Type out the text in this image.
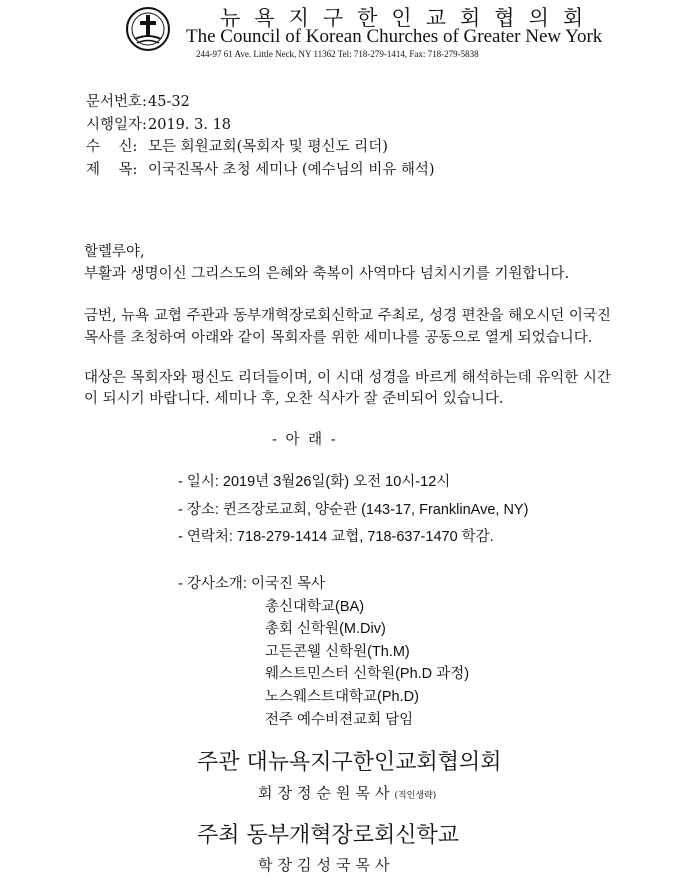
뉴욕지구한인교회협의회
The Council of Korean Churches of Greater New York
244-97 61 Ave. Little Neck, NY 11362 Tel: 718-279-1414, Fax: 718-279-5838
문서번호:45-32
시행일자:2019. 3. 18
수    신: 모든 회원교회(목회자 및 평신도 리더)
제    목: 이국진목사 초청 세미나 (예수님의 비유 해석)
할렐루야,
부활과 생명이신 그리스도의 은혜와 축복이 사역마다 넘치시기를 기원합니다.
금번, 뉴욕 교협 주관과 동부개혁장로회신학교 주최로, 성경 편찬을 해오시던 이국진
목사를 초청하여 아래와 같이 목회자를 위한 세미나를 공동으로 열게 되었습니다.
대상은 목회자와 평신도 리더들이며, 이 시대 성경을 바르게 해석하는데 유익한 시간
이 되시기 바랍니다. 세미나 후, 오찬 식사가 잘 준비되어 있습니다.
- 아 래 -
- 일시: 2019년 3월26일(화) 오전 10시-12시
- 장소: 퀸즈장로교회, 양순관 (143-17, FranklinAve, NY)
- 연락처: 718-279-1414 교협, 718-637-1470 학감.
- 강사소개: 이국진 목사
총신대학교(BA)
총회 신학원(M.Div)
고든콘웰 신학원(Th.M)
웨스트민스터 신학원(Ph.D 과정)
노스웨스트대학교(Ph.D)
전주 예수비젼교회 담임
주관 대뉴욕지구한인교회협의회
회장정순원목사(직인생략)
주최 동부개혁장로회신학교
학장김성국목사
